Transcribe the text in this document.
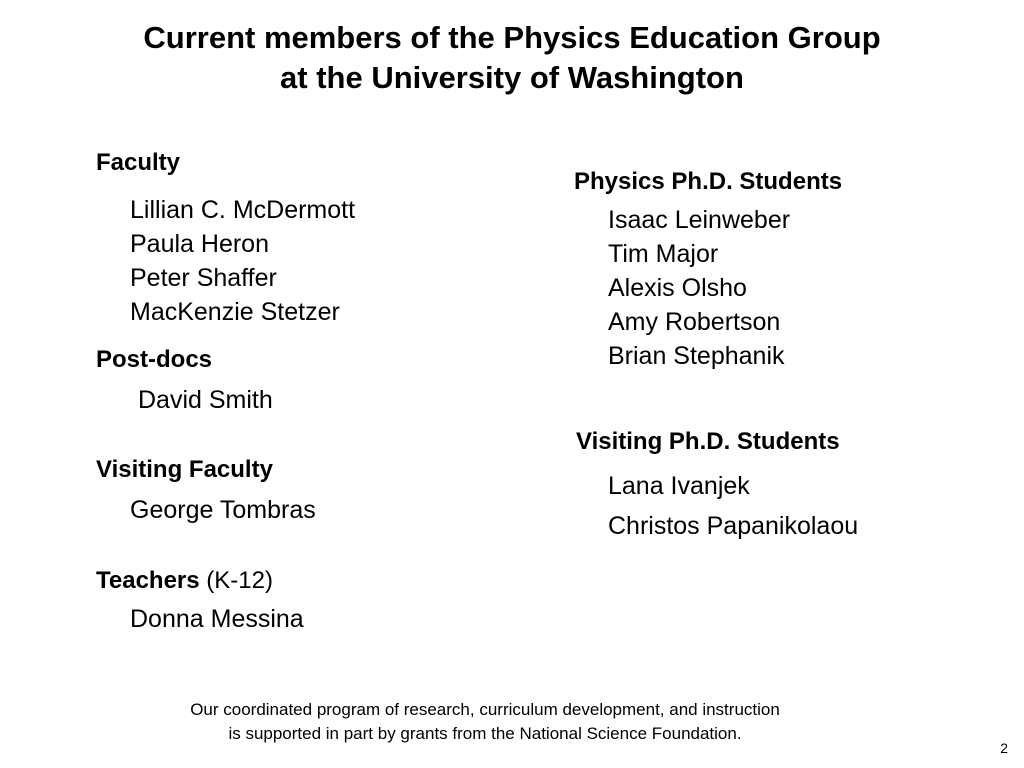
Current members of the Physics Education Group
at the University of Washington
Faculty
Lillian C. McDermott
Paula Heron
Peter Shaffer
MacKenzie Stetzer
Post-docs
David Smith
Visiting Faculty
George Tombras
Teachers (K-12)
Donna Messina
Physics Ph.D. Students
Isaac Leinweber
Tim Major
Alexis Olsho
Amy Robertson
Brian Stephanik
Visiting Ph.D. Students
Lana Ivanjek
Christos Papanikolaou
Our coordinated program of research, curriculum development, and instruction
is supported in part by grants from the National Science Foundation.
2
